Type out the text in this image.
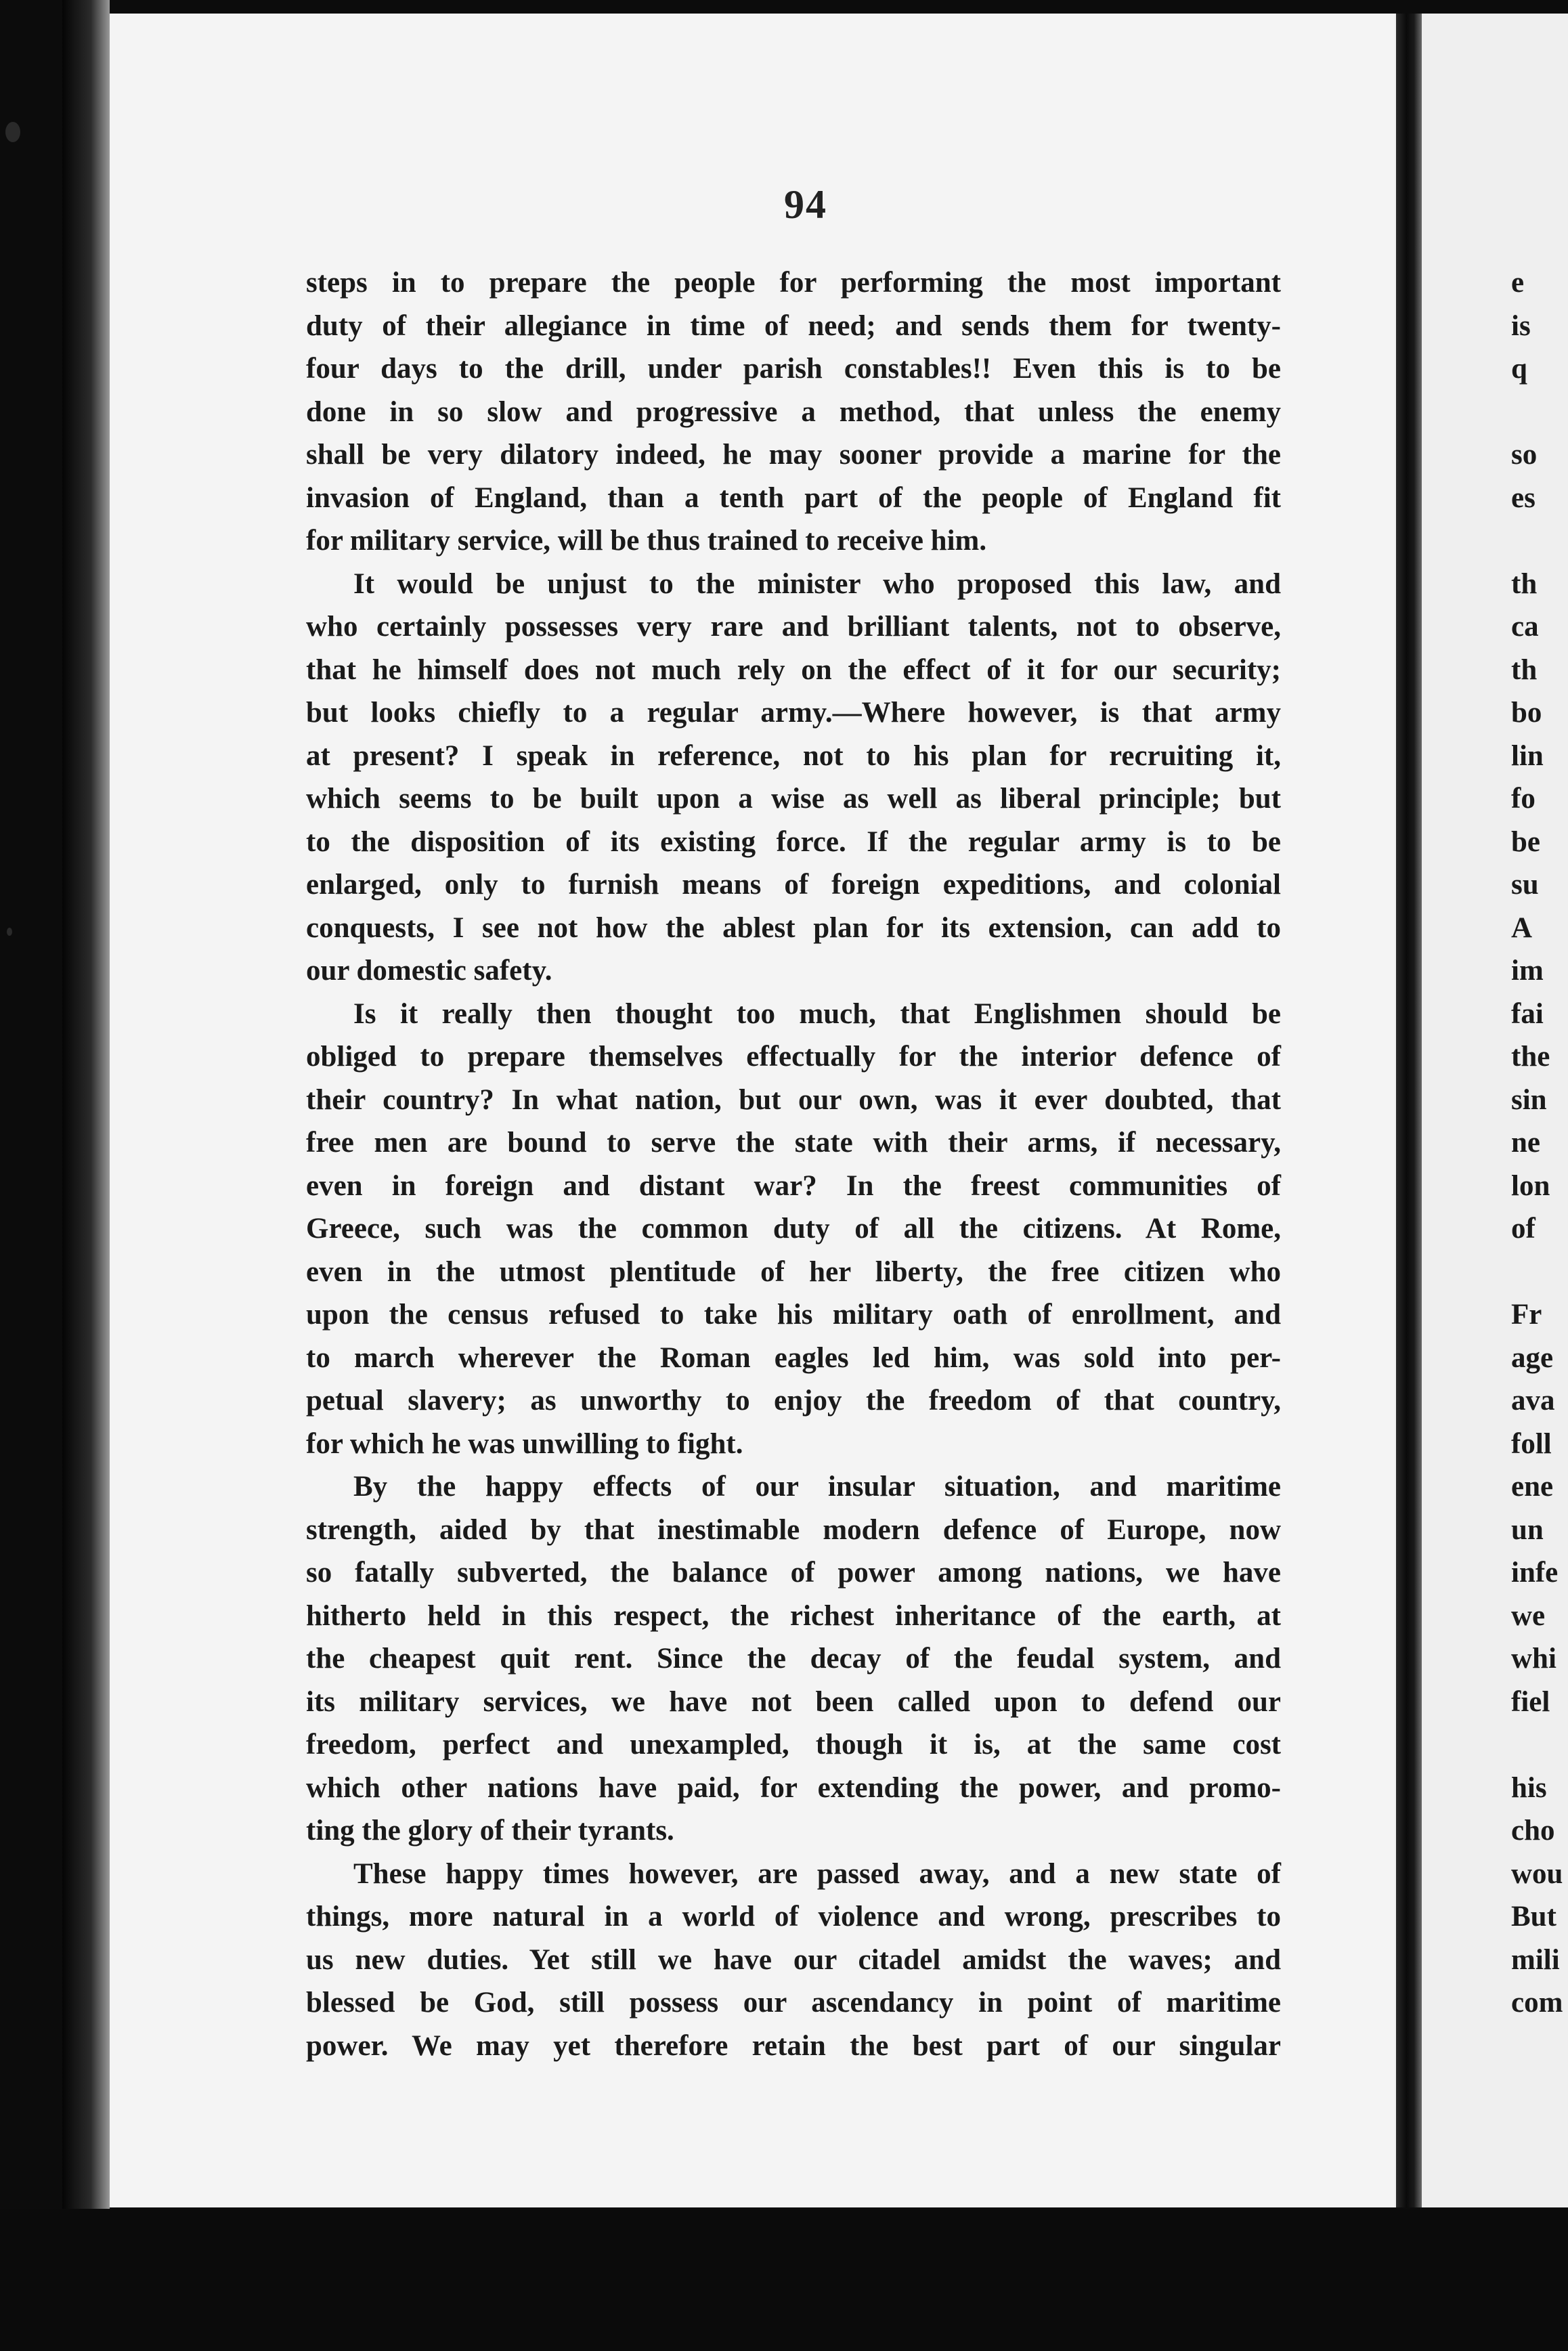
94
steps in to prepare the people for performing the most important
duty of their allegiance in time of need; and sends them for twenty-
four days to the drill, under parish constables!! Even this is to be
done in so slow and progressive a method, that unless the enemy
shall be very dilatory indeed, he may sooner provide a marine for the
invasion of England, than a tenth part of the people of England fit
for military service, will be thus trained to receive him.
It would be unjust to the minister who proposed this law, and
who certainly possesses very rare and brilliant talents, not to observe,
that he himself does not much rely on the effect of it for our security;
but looks chiefly to a regular army.—Where however, is that army
at present? I speak in reference, not to his plan for recruiting it,
which seems to be built upon a wise as well as liberal principle; but
to the disposition of its existing force. If the regular army is to be
enlarged, only to furnish means of foreign expeditions, and colonial
conquests, I see not how the ablest plan for its extension, can add to
our domestic safety.
Is it really then thought too much, that Englishmen should be
obliged to prepare themselves effectually for the interior defence of
their country? In what nation, but our own, was it ever doubted, that
free men are bound to serve the state with their arms, if necessary,
even in foreign and distant war? In the freest communities of
Greece, such was the common duty of all the citizens. At Rome,
even in the utmost plentitude of her liberty, the free citizen who
upon the census refused to take his military oath of enrollment, and
to march wherever the Roman eagles led him, was sold into per-
petual slavery; as unworthy to enjoy the freedom of that country,
for which he was unwilling to fight.
By the happy effects of our insular situation, and maritime
strength, aided by that inestimable modern defence of Europe, now
so fatally subverted, the balance of power among nations, we have
hitherto held in this respect, the richest inheritance of the earth, at
the cheapest quit rent. Since the decay of the feudal system, and
its military services, we have not been called upon to defend our
freedom, perfect and unexampled, though it is, at the same cost
which other nations have paid, for extending the power, and promo-
ting the glory of their tyrants.
These happy times however, are passed away, and a new state of
things, more natural in a world of violence and wrong, prescribes to
us new duties. Yet still we have our citadel amidst the waves; and
blessed be God, still possess our ascendancy in point of maritime
power. We may yet therefore retain the best part of our singular
e
is
q
so
es
th
ca
th
bo
lin
fo
be
su
A
im
fai
the
sin
ne
lon
of
Fr
age
ava
foll
ene
un
infe
we
whi
fiel
his
cho
wou
But
mili
com
